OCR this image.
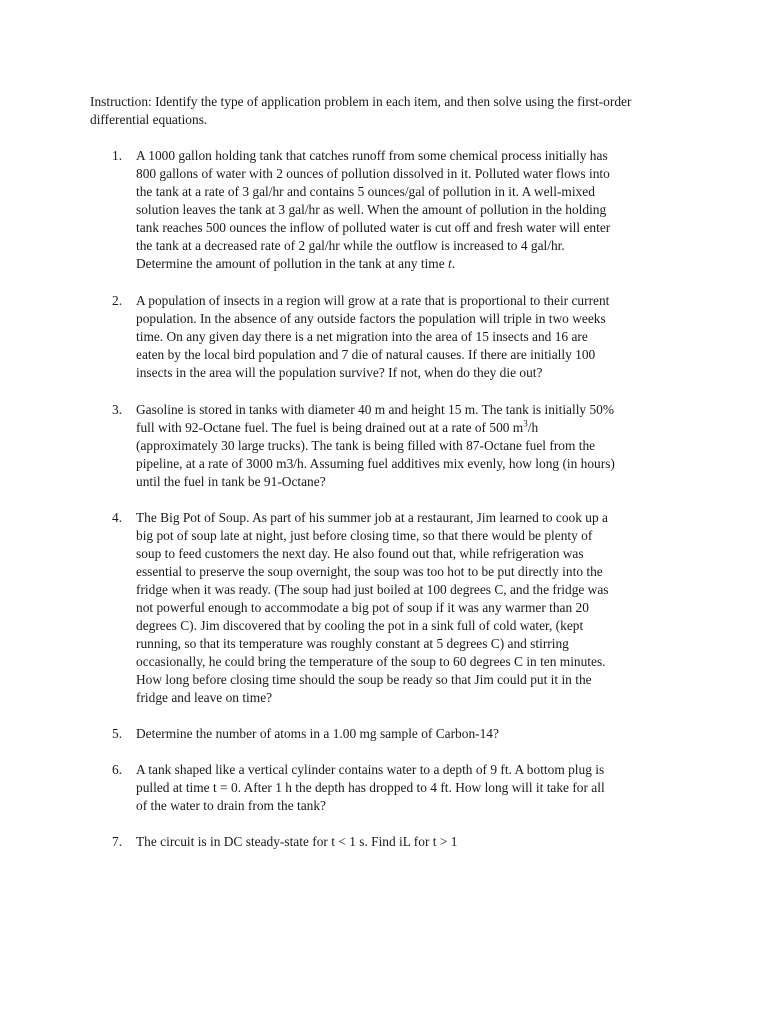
Instruction: Identify the type of application problem in each item, and then solve using the first-order differential equations.
1. A 1000 gallon holding tank that catches runoff from some chemical process initially has
800 gallons of water with 2 ounces of pollution dissolved in it. Polluted water flows into
the tank at a rate of 3 gal/hr and contains 5 ounces/gal of pollution in it. A well-mixed
solution leaves the tank at 3 gal/hr as well. When the amount of pollution in the holding
tank reaches 500 ounces the inflow of polluted water is cut off and fresh water will enter
the tank at a decreased rate of 2 gal/hr while the outflow is increased to 4 gal/hr.
Determine the amount of pollution in the tank at any time t.
2. A population of insects in a region will grow at a rate that is proportional to their current
population. In the absence of any outside factors the population will triple in two weeks
time. On any given day there is a net migration into the area of 15 insects and 16 are
eaten by the local bird population and 7 die of natural causes. If there are initially 100
insects in the area will the population survive? If not, when do they die out?
3. Gasoline is stored in tanks with diameter 40 m and height 15 m. The tank is initially 50%
full with 92-Octane fuel. The fuel is being drained out at a rate of 500 $m^3/h$
(approximately 30 large trucks). The tank is being filled with 87-Octane fuel from the
pipeline, at a rate of 3000 m3/h. Assuming fuel additives mix evenly, how long (in hours)
until the fuel in tank be 91-Octane?
4. The Big Pot of Soup. As part of his summer job at a restaurant, Jim learned to cook up a
big pot of soup late at night, just before closing time, so that there would be plenty of
soup to feed customers the next day. He also found out that, while refrigeration was
essential to preserve the soup overnight, the soup was too hot to be put directly into the
fridge when it was ready. (The soup had just boiled at 100 degrees C, and the fridge was
not powerful enough to accommodate a big pot of soup if it was any warmer than 20
degrees C). Jim discovered that by cooling the pot in a sink full of cold water, (kept
running, so that its temperature was roughly constant at 5 degrees C) and stirring
occasionally, he could bring the temperature of the soup to 60 degrees C in ten minutes.
How long before closing time should the soup be ready so that Jim could put it in the
fridge and leave on time?
5. Determine the number of atoms in a 1.00 mg sample of Carbon-14?
6. A tank shaped like a vertical cylinder contains water to a depth of 9 ft. A bottom plug is
pulled at time t = 0. After 1 h the depth has dropped to 4 ft. How long will it take for all
of the water to drain from the tank?
7. The circuit is in DC steady-state for t < 1 s. Find iL for t > 1
